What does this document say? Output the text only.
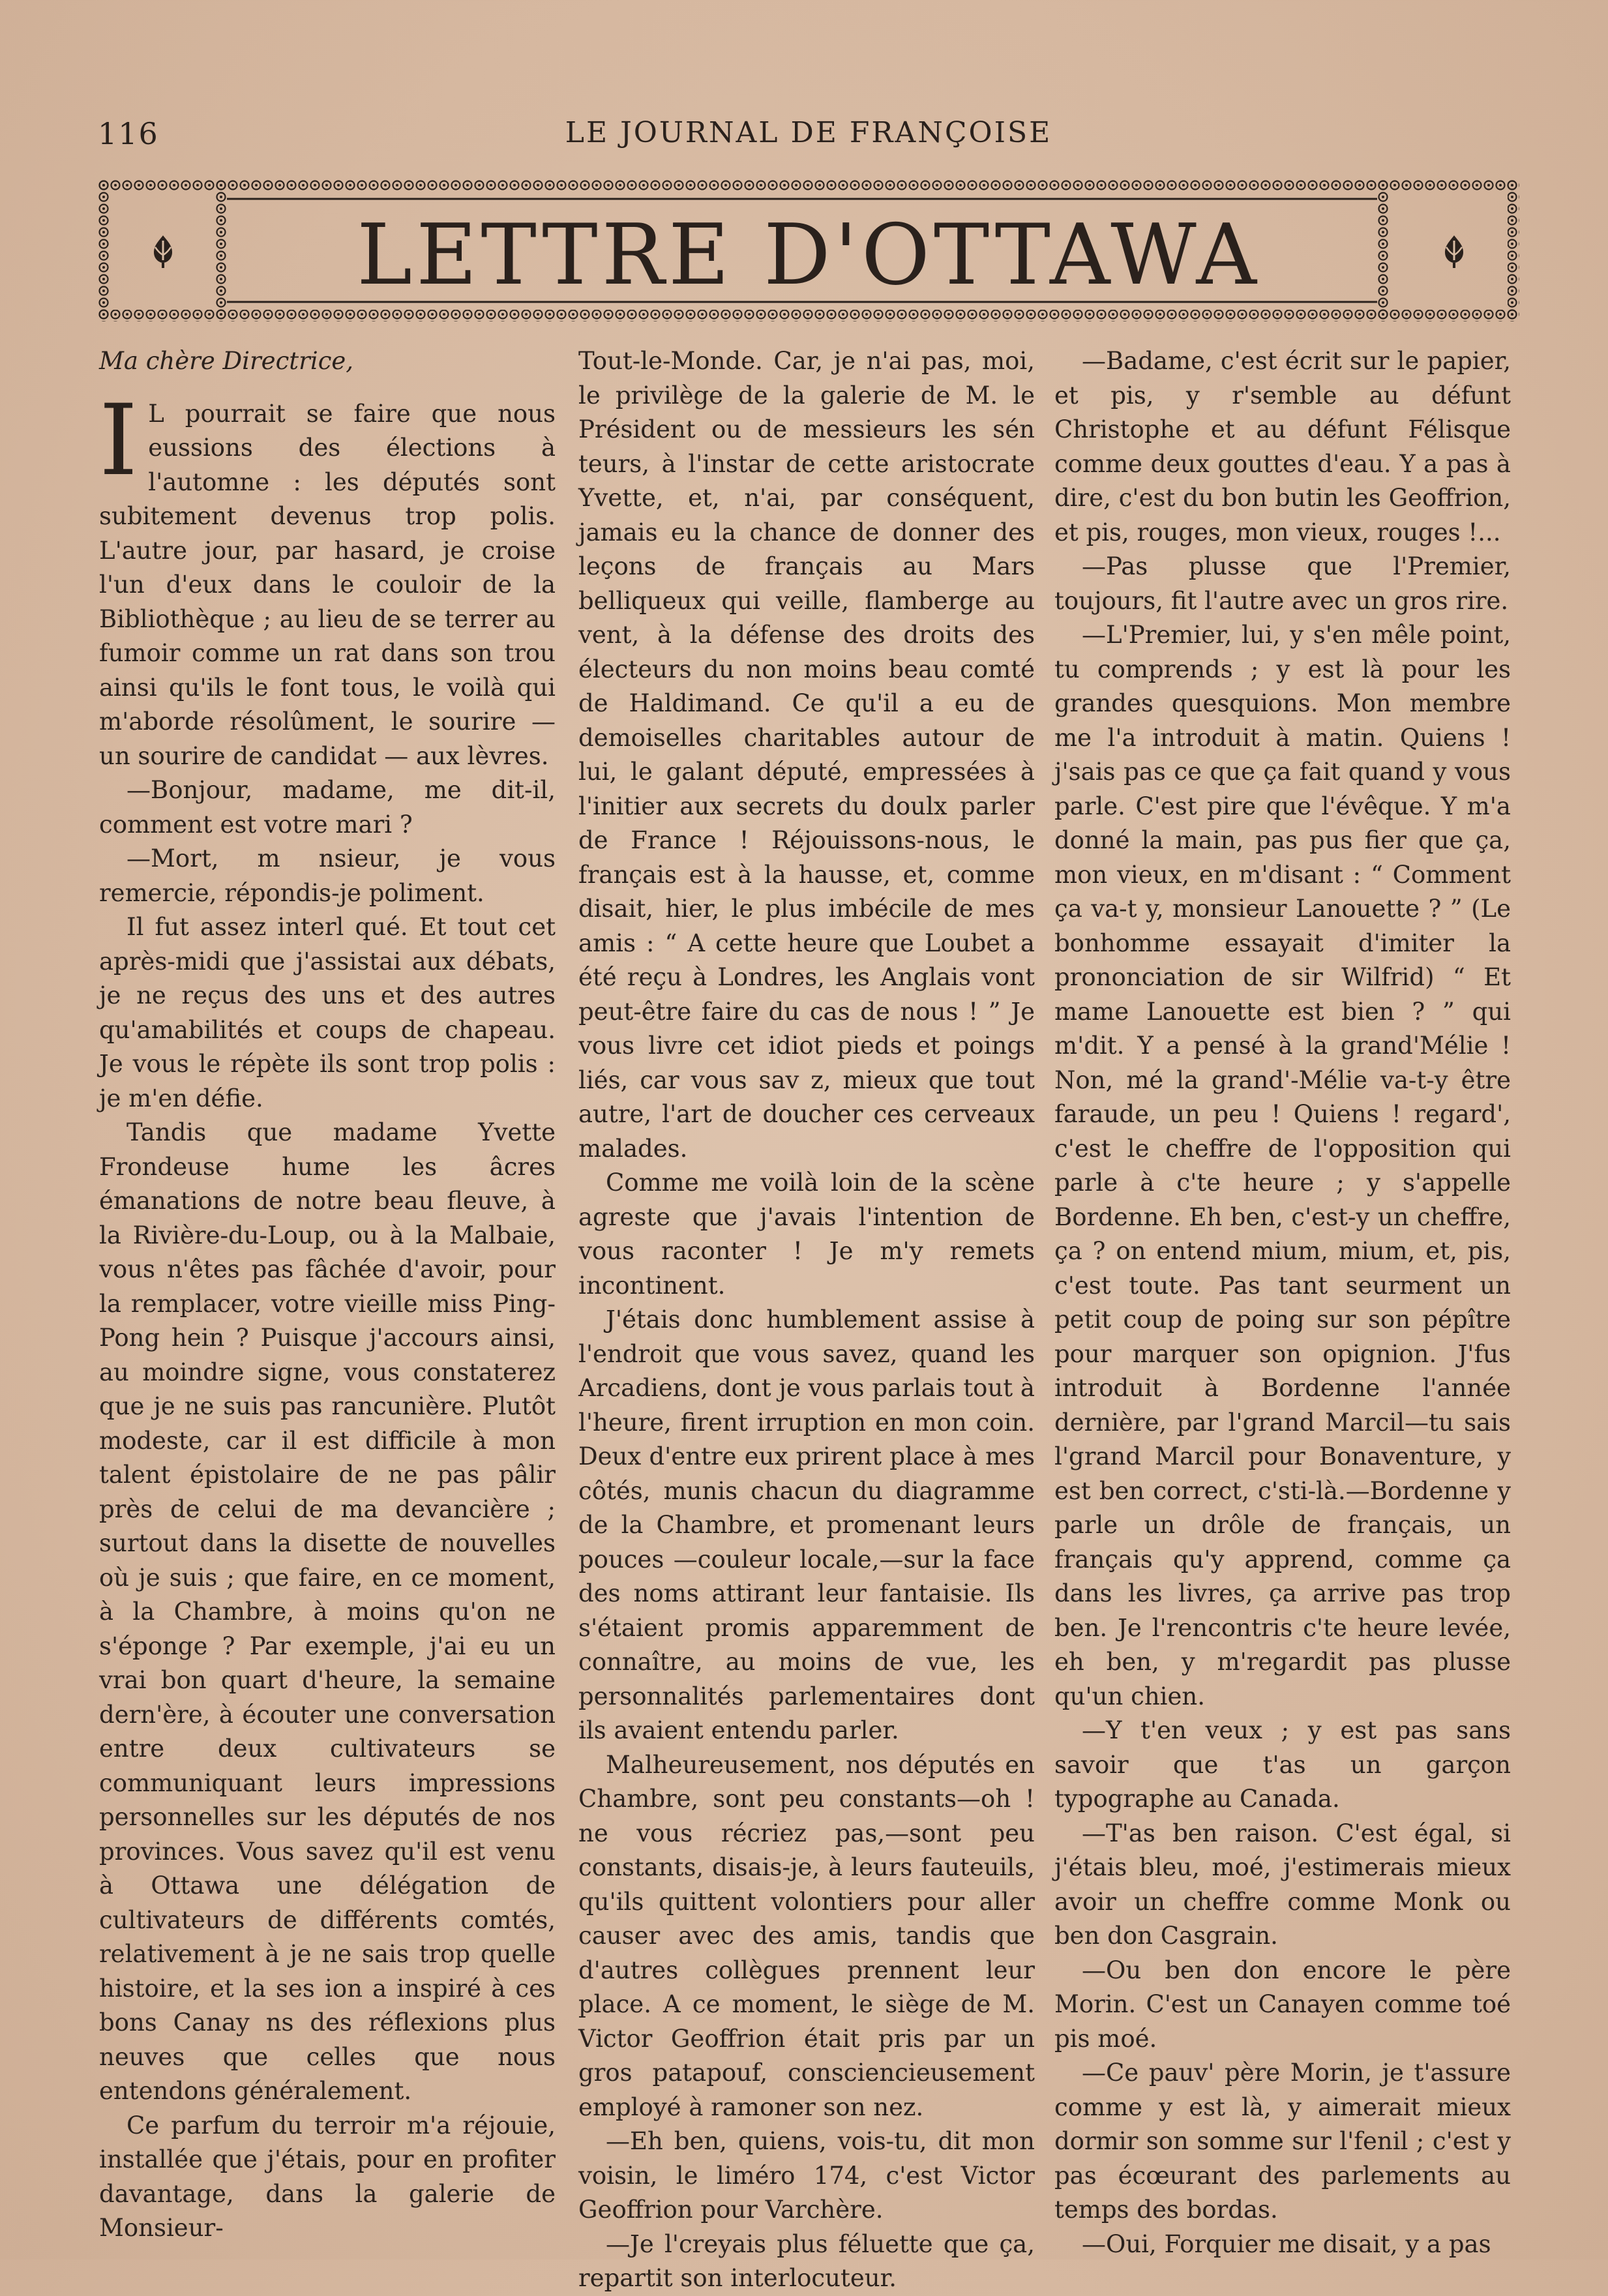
116	LE JOURNAL DE FRANÇOISE
LETTRE D'OTTAWA

Ma chère Directrice,

I L pourrait se faire que nous eussions des élections à l'automne : les députés sont subitement devenus trop polis. L'autre jour, par hasard, je croise l'un d'eux dans le couloir de la Bibliothèque ; au lieu de se terrer au fumoir comme un rat dans son trou ainsi qu'ils le font tous, le voilà qui m'aborde résolûment, le sourire — un sourire de candidat — aux lèvres.

—Bonjour, madame, me dit-il, comment est votre mari ?

—Mort, m nsieur, je vous remercie, répondis-je poliment.

Il fut assez interl qué. Et tout cet après-midi que j'assistai aux débats, je ne reçus des uns et des autres qu'amabilités et coups de chapeau. Je vous le répète ils sont trop polis : je m'en défie.

Tandis que madame Yvette Frondeuse hume les âcres émanations de notre beau fleuve, à la Rivière-du-Loup, ou à la Malbaie, vous n'êtes pas fâchée d'avoir, pour la remplacer, votre vieille miss Ping-Pong hein ? Puisque j'accours ainsi, au moindre signe, vous constaterez que je ne suis pas rancunière. Plutôt modeste, car il est difficile à mon talent épistolaire de ne pas pâlir près de celui de ma devancière ; surtout dans la disette de nouvelles où je suis ; que faire, en ce moment, à la Chambre, à moins qu'on ne s'éponge ? Par exemple, j'ai eu un vrai bon quart d'heure, la semaine dern'ère, à écouter une conversation entre deux cultivateurs se communiquant leurs impressions personnelles sur les députés de nos provinces. Vous savez qu'il est venu à Ottawa une délégation de cultivateurs de différents comtés, relativement à je ne sais trop quelle histoire, et la ses ion a inspiré à ces bons Canay ns des réflexions plus neuves que celles que nous entendons généralement.

Ce parfum du terroir m'a réjouie, installée que j'étais, pour en profiter davantage, dans la galerie de Monsieur-

Tout-le-Monde. Car, je n'ai pas, moi, le privilège de la galerie de M. le Président ou de messieurs les sén teurs, à l'instar de cette aristocrate Yvette, et, n'ai, par conséquent, jamais eu la chance de donner des leçons de français au Mars belliqueux qui veille, flamberge au vent, à la défense des droits des électeurs du non moins beau comté de Haldimand. Ce qu'il a eu de demoiselles charitables autour de lui, le galant député, empressées à l'initier aux secrets du doulx parler de France ! Réjouissons-nous, le français est à la hausse, et, comme disait, hier, le plus imbécile de mes amis : “ A cette heure que Loubet a été reçu à Londres, les Anglais vont peut-être faire du cas de nous ! ” Je vous livre cet idiot pieds et poings liés, car vous sav z, mieux que tout autre, l'art de doucher ces cerveaux malades.

Comme me voilà loin de la scène agreste que j'avais l'intention de vous raconter ! Je m'y remets incontinent.

J'étais donc humblement assise à l'endroit que vous savez, quand les Arcadiens, dont je vous parlais tout à l'heure, firent irruption en mon coin. Deux d'entre eux prirent place à mes côtés, munis chacun du diagramme de la Chambre, et promenant leurs pouces —couleur locale,—sur la face des noms attirant leur fantaisie. Ils s'étaient promis apparemment de connaître, au moins de vue, les personnalités parlementaires dont ils avaient entendu parler.

Malheureusement, nos députés en Chambre, sont peu constants—oh ! ne vous récriez pas,—sont peu constants, disais-je, à leurs fauteuils, qu'ils quittent volontiers pour aller causer avec des amis, tandis que d'autres collègues prennent leur place. A ce moment, le siège de M. Victor Geoffrion était pris par un gros patapouf, consciencieusement employé à ramoner son nez.

—Eh ben, quiens, vois-tu, dit mon voisin, le liméro 174, c'est Victor Geoffrion pour Varchère.

—Je l'creyais plus féluette que ça, repartit son interlocuteur.

—Badame, c'est écrit sur le papier, et pis, y r'semble au défunt Christophe et au défunt Félisque comme deux gouttes d'eau. Y a pas à dire, c'est du bon butin les Geoffrion, et pis, rouges, mon vieux, rouges !...

—Pas plusse que l'Premier, toujours, fit l'autre avec un gros rire.

—L'Premier, lui, y s'en mêle point, tu comprends ; y est là pour les grandes quesquions. Mon membre me l'a introduit à matin. Quiens ! j'sais pas ce que ça fait quand y vous parle. C'est pire que l'évêque. Y m'a donné la main, pas pus fier que ça, mon vieux, en m'disant : “ Comment ça va-t y, monsieur Lanouette ? ” (Le bonhomme essayait d'imiter la prononciation de sir Wilfrid) “ Et mame Lanouette est bien ? ” qui m'dit. Y a pensé à la grand'Mélie ! Non, mé la grand'-Mélie va-t-y être faraude, un peu ! Quiens ! regard', c'est le cheffre de l'opposition qui parle à c'te heure ; y s'appelle Bordenne. Eh ben, c'est-y un cheffre, ça ? on entend mium, mium, et, pis, c'est toute. Pas tant seurment un petit coup de poing sur son pépître pour marquer son opignion. J'fus introduit à Bordenne l'année dernière, par l'grand Marcil—tu sais l'grand Marcil pour Bonaventure, y est ben correct, c'sti-là.—Bordenne y parle un drôle de français, un français qu'y apprend, comme ça dans les livres, ça arrive pas trop ben. Je l'rencontris c'te heure levée, eh ben, y m'regardit pas plusse qu'un chien.

—Y t'en veux ; y est pas sans savoir que t'as un garçon typographe au Canada.

—T'as ben raison. C'est égal, si j'étais bleu, moé, j'estimerais mieux avoir un cheffre comme Monk ou ben don Casgrain.

—Ou ben don encore le père Morin. C'est un Canayen comme toé pis moé.

—Ce pauv' père Morin, je t'assure comme y est là, y aimerait mieux dormir son somme sur l'fenil ; c'est y pas écœurant des parlements au temps des bordas.

—Oui, Forquier me disait, y a pas
